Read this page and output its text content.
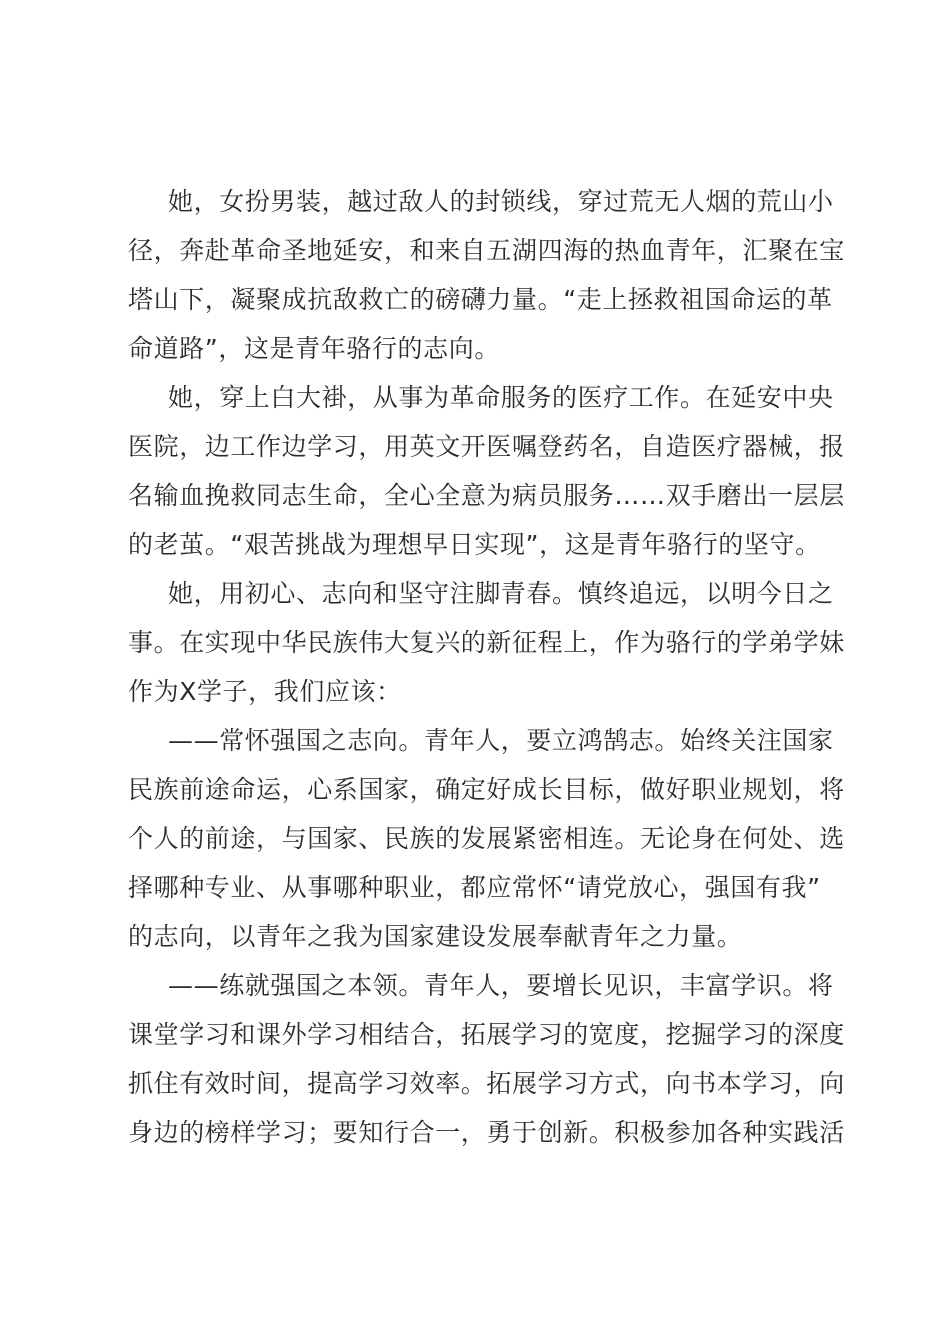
她，女扮男装，越过敌人的封锁线，穿过荒无人烟的荒山小
径，奔赴革命圣地延安，和来自五湖四海的热血青年，汇聚在宝
塔山下，凝聚成抗敌救亡的磅礴力量。“走上拯救祖国命运的革
命道路”，这是青年骆行的志向。
她，穿上白大褂，从事为革命服务的医疗工作。在延安中央
医院，边工作边学习，用英文开医嘱登药名，自造医疗器械，报
名输血挽救同志生命，全心全意为病员服务……双手磨出一层层
的老茧。“艰苦挑战为理想早日实现”，这是青年骆行的坚守。
她，用初心、志向和坚守注脚青春。慎终追远，以明今日之
事。在实现中华民族伟大复兴的新征程上，作为骆行的学弟学妹
作为X学子，我们应该：
——常怀强国之志向。青年人，要立鸿鹄志。始终关注国家
民族前途命运，心系国家，确定好成长目标，做好职业规划，将
个人的前途，与国家、民族的发展紧密相连。无论身在何处、选
择哪种专业、从事哪种职业，都应常怀“请党放心，强国有我”
的志向，以青年之我为国家建设发展奉献青年之力量。
——练就强国之本领。青年人，要增长见识，丰富学识。将
课堂学习和课外学习相结合，拓展学习的宽度，挖掘学习的深度
抓住有效时间，提高学习效率。拓展学习方式，向书本学习，向
身边的榜样学习；要知行合一，勇于创新。积极参加各种实践活
